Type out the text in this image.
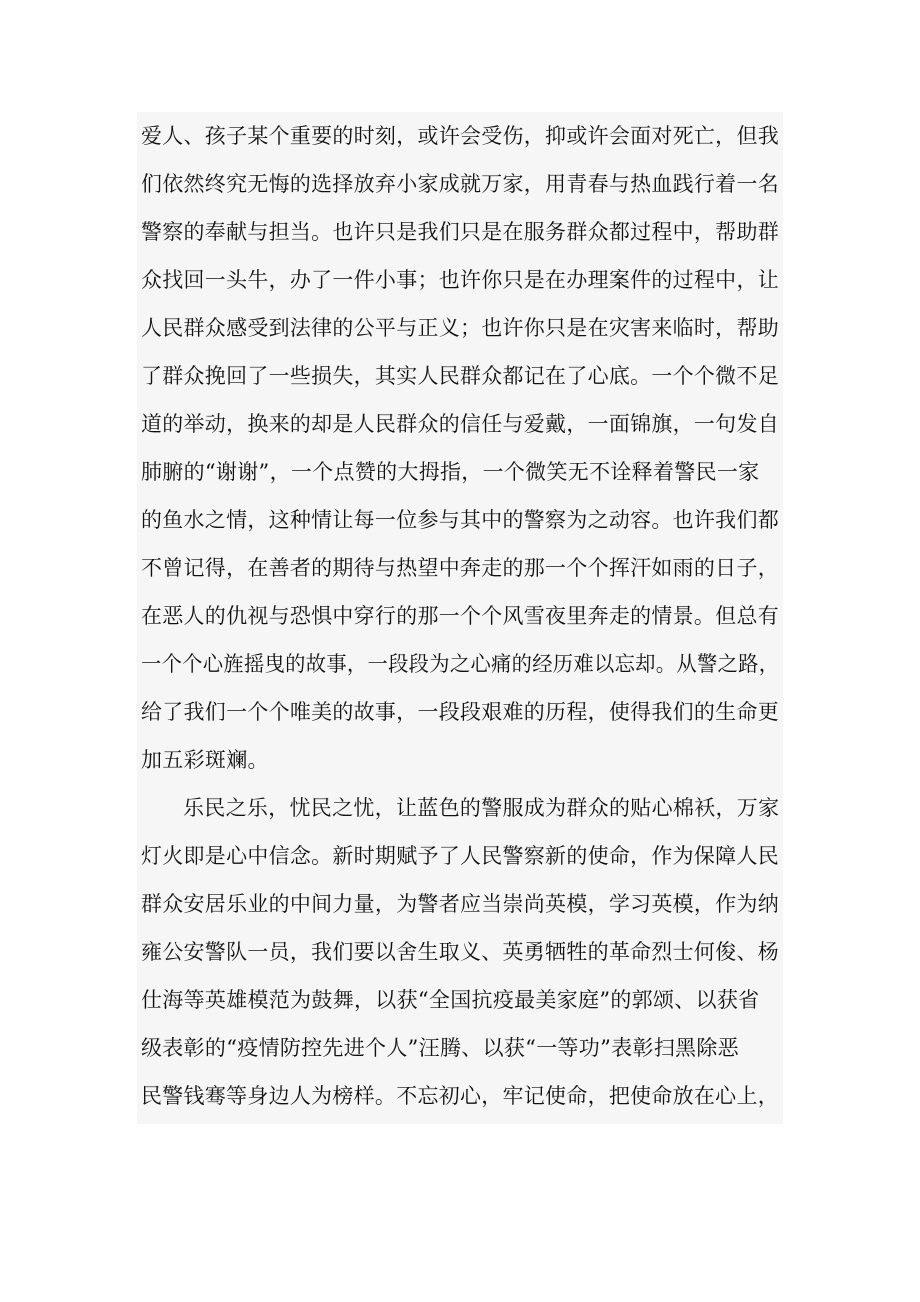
爱人、孩子某个重要的时刻，或许会受伤，抑或许会面对死亡，但我
们依然终究无悔的选择放弃小家成就万家，用青春与热血践行着一名
警察的奉献与担当。也许只是我们只是在服务群众都过程中，帮助群
众找回一头牛，办了一件小事；也许你只是在办理案件的过程中，让
人民群众感受到法律的公平与正义；也许你只是在灾害来临时，帮助
了群众挽回了一些损失，其实人民群众都记在了心底。一个个微不足
道的举动，换来的却是人民群众的信任与爱戴，一面锦旗，一句发自
肺腑的“谢谢”，一个点赞的大拇指，一个微笑无不诠释着警民一家
的鱼水之情，这种情让每一位参与其中的警察为之动容。也许我们都
不曾记得，在善者的期待与热望中奔走的那一个个挥汗如雨的日子，
在恶人的仇视与恐惧中穿行的那一个个风雪夜里奔走的情景。但总有
一个个心旌摇曳的故事，一段段为之心痛的经历难以忘却。从警之路，
给了我们一个个唯美的故事，一段段艰难的历程，使得我们的生命更
加五彩斑斓。
乐民之乐，忧民之忧，让蓝色的警服成为群众的贴心棉袄，万家
灯火即是心中信念。新时期赋予了人民警察新的使命，作为保障人民
群众安居乐业的中间力量，为警者应当崇尚英模，学习英模，作为纳
雍公安警队一员，我们要以舍生取义、英勇牺牲的革命烈士何俊、杨
仕海等英雄模范为鼓舞，以获“全国抗疫最美家庭”的郭颂、以获省
级表彰的“疫情防控先进个人”汪腾、以获“一等功”表彰扫黑除恶
民警钱骞等身边人为榜样。不忘初心，牢记使命，把使命放在心上，
